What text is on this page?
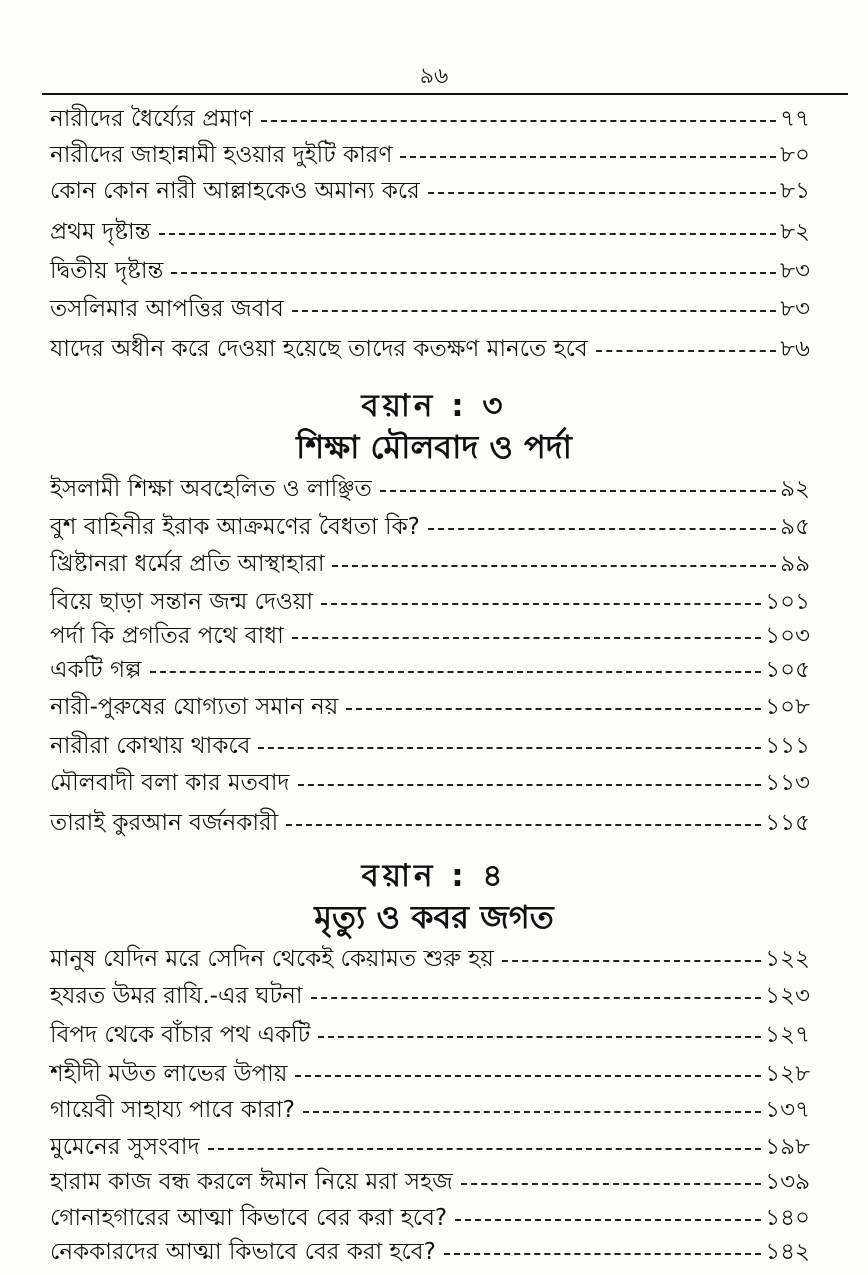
৯৬
নারীদের ধৈর্য্যের প্রমাণ	৭৭
নারীদের জাহান্নামী হওয়ার দুইটি কারণ	৮০
কোন কোন নারী আল্লাহকেও অমান্য করে	৮১
প্রথম দৃষ্টান্ত	৮২
দ্বিতীয় দৃষ্টান্ত	৮৩
তসলিমার আপত্তির জবাব	৮৩
যাদের অধীন করে দেওয়া হয়েছে তাদের কতক্ষণ মানতে হবে	৮৬
বয়ান : ৩
শিক্ষা মৌলবাদ ও পর্দা
ইসলামী শিক্ষা অবহেলিত ও লাঞ্ছিত	৯২
বুশ বাহিনীর ইরাক আক্রমণের বৈধতা কি?	৯৫
খ্রিষ্টানরা ধর্মের প্রতি আস্থাহারা	৯৯
বিয়ে ছাড়া সন্তান জন্ম দেওয়া	১০১
পর্দা কি প্রগতির পথে বাধা	১০৩
একটি গল্প	১০৫
নারী-পুরুষের যোগ্যতা সমান নয়	১০৮
নারীরা কোথায় থাকবে	১১১
মৌলবাদী বলা কার মতবাদ	১১৩
তারাই কুরআন বর্জনকারী	১১৫
বয়ান : ৪
মৃত্যু ও কবর জগত
মানুষ যেদিন মরে সেদিন থেকেই কেয়ামত শুরু হয়	১২২
হযরত উমর রাযি.-এর ঘটনা	১২৩
বিপদ থেকে বাঁচার পথ একটি	১২৭
শহীদী মউত লাভের উপায়	১২৮
গায়েবী সাহায্য পাবে কারা?	১৩৭
মুমেনের সুসংবাদ	১৯৮
হারাম কাজ বন্ধ করলে ঈমান নিয়ে মরা সহজ	১৩৯
গোনাহগারের আত্মা কিভাবে বের করা হবে?	১৪০
নেককারদের আত্মা কিভাবে বের করা হবে?	১৪২
